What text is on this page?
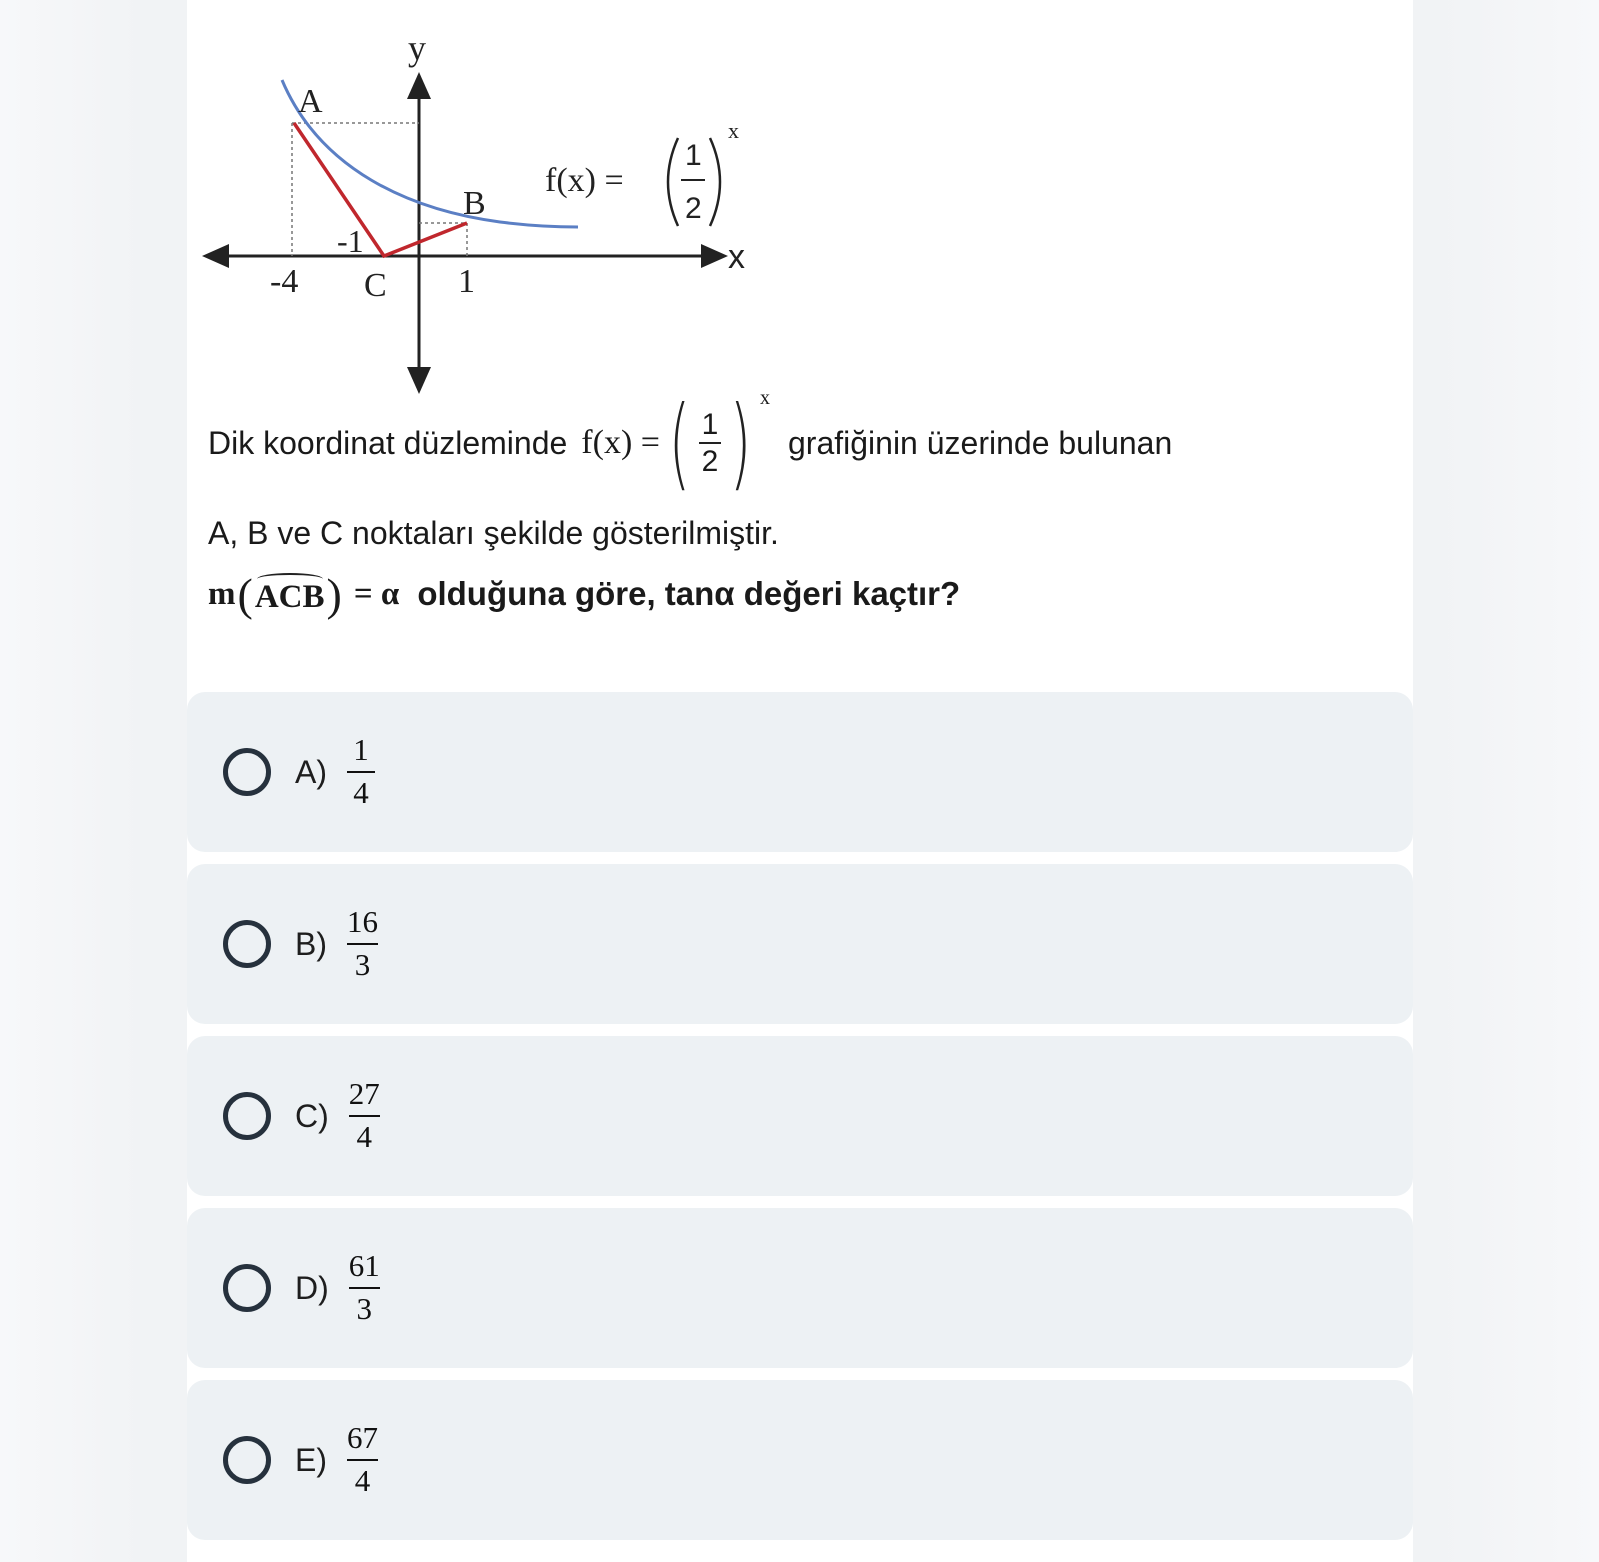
A
B
C
-4
-1
1
x
y
f(x) =
1
2
x
Dik koordinat düzleminde f(x) = ( $\frac{1}{2}$ ) x
grafiğinin üzerinde bulunan
A, B ve C noktaları şekilde gösterilmiştir.
m ( ACB ) = α olduğuna göre, tanα değeri kaçtır?
$A) \frac{1}{4}$
$B) \frac{16}{3}$
$C) \frac{27}{4}$
$D) \frac{61}{3}$
$E) \frac{67}{4}$
